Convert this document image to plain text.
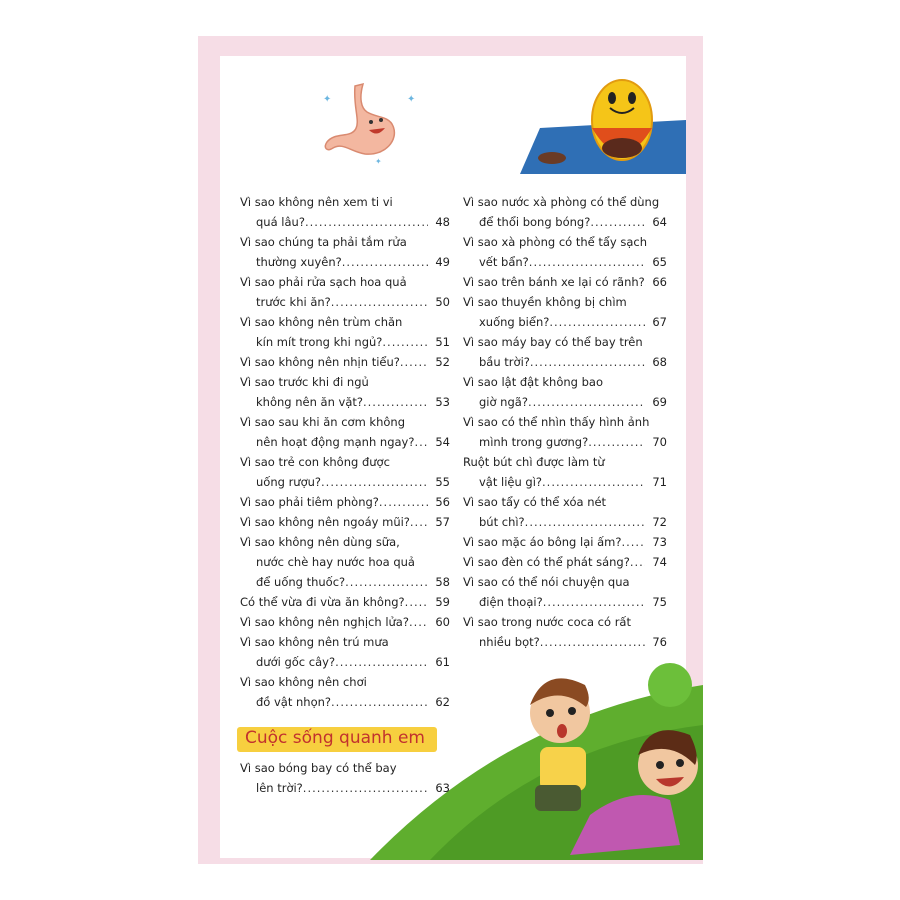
✦	✦
✦
Vì sao không nên xem ti vi
quá lâu? .....	48
Vì sao chúng ta phải tắm rửa
thường xuyên? .....	49
Vì sao phải rửa sạch hoa quả
trước khi ăn? .....	50
Vì sao không nên trùm chăn
kín mít trong khi ngủ? .....	51
Vì sao không nên nhịn tiểu? .....	52
Vì sao trước khi đi ngủ
không nên ăn vặt? .....	53
Vì sao sau khi ăn cơm không
nên hoạt động mạnh ngay? .....	54
Vì sao trẻ con không được
uống rượu? .....	55
Vì sao phải tiêm phòng? .....	56
Vì sao không nên ngoáy mũi? .....	57
Vì sao không nên dùng sữa,
nước chè hay nước hoa quả
để uống thuốc? .....	58
Có thể vừa đi vừa ăn không? .....	59
Vì sao không nên nghịch lửa? .....	60
Vì sao không nên trú mưa
dưới gốc cây? .....	61
Vì sao không nên chơi
đồ vật nhọn? .....	62
Cuộc sống quanh em
Vì sao bóng bay có thể bay
lên trời? .....	63
Vì sao nước xà phòng có thể dùng
để thổi bong bóng? .....	64
Vì sao xà phòng có thể tẩy sạch
vết bẩn? .....	65
Vì sao trên bánh xe lại có rãnh? ..... 66
Vì sao thuyền không bị chìm
xuống biển? .....	67
Vì sao máy bay có thể bay trên
bầu trời? .....	68
Vì sao lật đật không bao
giờ ngã? .....	69
Vì sao có thể nhìn thấy hình ảnh
mình trong gương? .....	70
Ruột bút chì được làm từ
vật liệu gì? .....	71
Vì sao tẩy có thể xóa nét
bút chì? .....	72
Vì sao mặc áo bông lại ấm? .....	73
Vì sao đèn có thể phát sáng? .....	74
Vì sao có thể nói chuyện qua
điện thoại? .....	75
Vì sao trong nước coca có rất
nhiều bọt? .....	76
